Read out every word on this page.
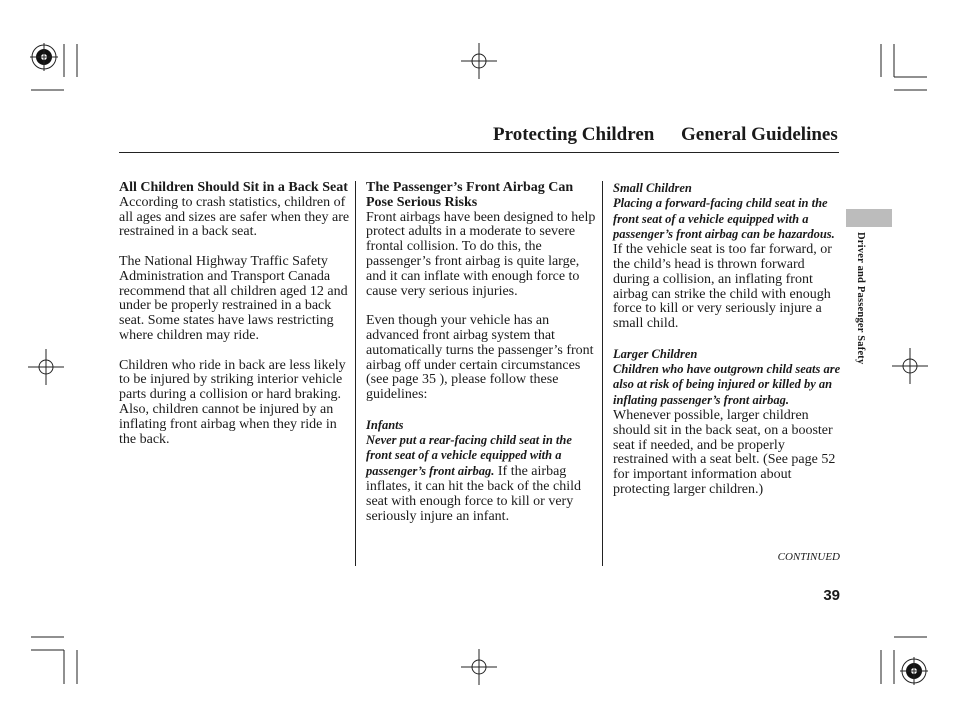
Protecting Children General Guidelines
All Children Should Sit in a Back Seat

According to crash statistics, children of all ages and sizes are safer when they are restrained in a back seat.

The National Highway Traffic Safety Administration and Transport Canada recommend that all children aged 12 and under be properly restrained in a back seat. Some states have laws restricting where children may ride.

Children who ride in back are less likely to be injured by striking interior vehicle parts during a collision or hard braking. Also, children cannot be injured by an inflating front airbag when they ride in the back.

The Passenger’s Front Airbag Can Pose Serious Risks

Front airbags have been designed to help protect adults in a moderate to severe frontal collision. To do this, the passenger’s front airbag is quite large, and it can inflate with enough force to cause very serious injuries.

Even though your vehicle has an advanced front airbag system that automatically turns the passenger’s front airbag off under certain circumstances (see page 35 ), please follow these guidelines:

Infants

Never put a rear-facing child seat in the front seat of a vehicle equipped with a passenger’s front airbag. If the airbag inflates, it can hit the back of the child seat with enough force to kill or very seriously injure an infant.

Small Children

Placing a forward-facing child seat in the front seat of a vehicle equipped with a passenger’s front airbag can be hazardous. If the vehicle seat is too far forward, or the child’s head is thrown forward during a collision, an inflating front airbag can strike the child with enough force to kill or very seriously injure a small child.

Larger Children

Children who have outgrown child seats are also at risk of being injured or killed by an inflating passenger’s front airbag. Whenever possible, larger children should sit in the back seat, on a booster seat if needed, and be properly restrained with a seat belt. (See page 52 for important information about protecting larger children.)

Driver and Passenger Safety
CONTINUED
39
